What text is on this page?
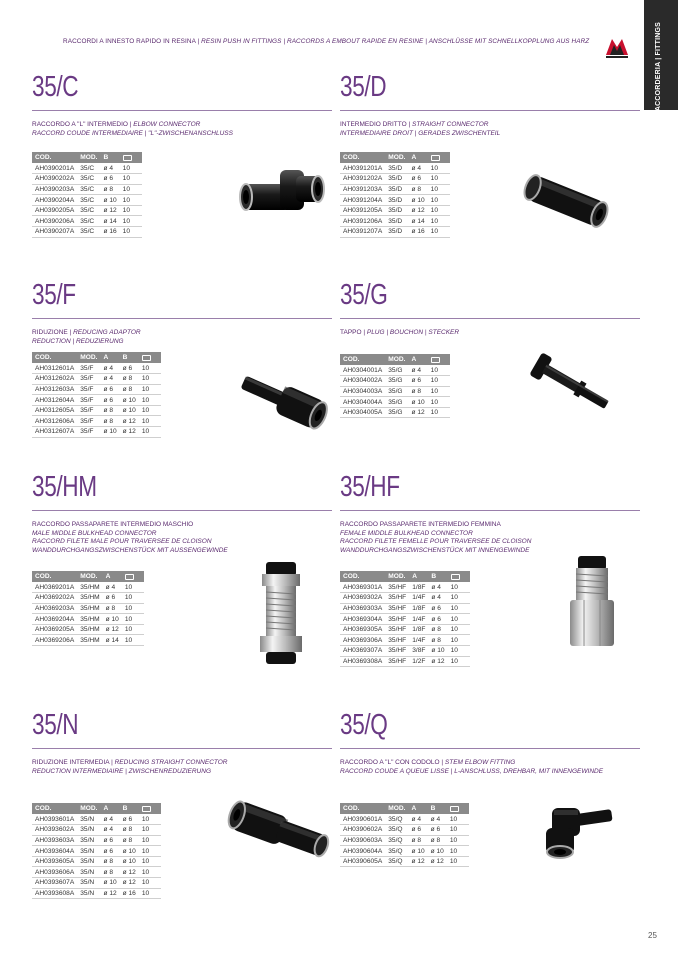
RACCORDI A INNESTO RAPIDO IN RESINA | RESIN PUSH IN FITTINGS | RACCORDS A EMBOUT RAPIDE EN RESINE | ANSCHLÜSSE MIT SCHNELLKOPPLUNG AUS HARZ	RACCORDERIA | FITTINGS
35/C
RACCORDO A "L" INTERMEDIO | ELBOW CONNECTOR
RACCORD COUDE INTERMEDIAIRE | "L"-ZWISCHENANSCHLUSS
COD.	MOD.	B	
AH0390201A	35/C	ø 4	10
AH0390202A	35/C	ø 6	10
AH0390203A	35/C	ø 8	10
AH0390204A	35/C	ø 10	10
AH0390205A	35/C	ø 12	10
AH0390206A	35/C	ø 14	10
AH0390207A	35/C	ø 16	10
35/D
INTERMEDIO DRITTO | STRAIGHT CONNECTOR
INTERMEDIAIRE DROIT | GERADES ZWISCHENTEIL
COD.	MOD.	A	
AH0391201A	35/D	ø 4	10
AH0391202A	35/D	ø 6	10
AH0391203A	35/D	ø 8	10
AH0391204A	35/D	ø 10	10
AH0391205A	35/D	ø 12	10
AH0391206A	35/D	ø 14	10
AH0391207A	35/D	ø 16	10
35/F
RIDUZIONE | REDUCING ADAPTOR
REDUCTION | REDUZIERUNG
COD.	MOD.	A	B	
AH0312601A	35/F	ø 4	ø 6	10
AH0312602A	35/F	ø 4	ø 8	10
AH0312603A	35/F	ø 6	ø 8	10
AH0312604A	35/F	ø 6	ø 10	10
AH0312605A	35/F	ø 8	ø 10	10
AH0312606A	35/F	ø 8	ø 12	10
AH0312607A	35/F	ø 10	ø 12	10
35/G
TAPPO | PLUG | BOUCHON | STECKER
COD.	MOD.	A	
AH0304001A	35/G	ø 4	10
AH0304002A	35/G	ø 6	10
AH0304003A	35/G	ø 8	10
AH0304004A	35/G	ø 10	10
AH0304005A	35/G	ø 12	10
35/HM
RACCORDO PASSAPARETE INTERMEDIO MASCHIO
MALE MIDDLE BULKHEAD CONNECTOR
RACCORD FILETE MALE POUR TRAVERSEE DE CLOISON
WANDDURCHGANGSZWISCHENSTÜCK MIT AUSSENGEWINDE
COD.	MOD.	A	
AH0369201A	35/HM	ø 4	10
AH0369202A	35/HM	ø 6	10
AH0369203A	35/HM	ø 8	10
AH0369204A	35/HM	ø 10	10
AH0369205A	35/HM	ø 12	10
AH0369206A	35/HM	ø 14	10
35/HF
RACCORDO PASSAPARETE INTERMEDIO FEMMINA
FEMALE MIDDLE BULKHEAD CONNECTOR
RACCORD FILETE FEMELLE POUR TRAVERSEE DE CLOISON
WANDDURCHGANGSZWISCHENSTÜCK MIT INNENGEWINDE
COD.	MOD.	A	B	
AH0369301A	35/HF	1/8F	ø 4	10
AH0369302A	35/HF	1/4F	ø 4	10
AH0369303A	35/HF	1/8F	ø 6	10
AH0369304A	35/HF	1/4F	ø 6	10
AH0369305A	35/HF	1/8F	ø 8	10
AH0369306A	35/HF	1/4F	ø 8	10
AH0369307A	35/HF	3/8F	ø 10	10
AH0369308A	35/HF	1/2F	ø 12	10
35/N
RIDUZIONE INTERMEDIA | REDUCING STRAIGHT CONNECTOR
REDUCTION INTERMEDIAIRE | ZWISCHENREDUZIERUNG
COD.	MOD.	A	B	
AH0393601A	35/N	ø 4	ø 6	10
AH0393602A	35/N	ø 4	ø 8	10
AH0393603A	35/N	ø 6	ø 8	10
AH0393604A	35/N	ø 6	ø 10	10
AH0393605A	35/N	ø 8	ø 10	10
AH0393606A	35/N	ø 8	ø 12	10
AH0393607A	35/N	ø 10	ø 12	10
AH0393608A	35/N	ø 12	ø 16	10
35/Q
RACCORDO A "L" CON CODOLO | STEM ELBOW FITTING
RACCORD COUDE A QUEUE LISSE | L-ANSCHLUSS, DREHBAR, MIT INNENGEWINDE
COD.	MOD.	A	B	
AH0390601A	35/Q	ø 4	ø 4	10
AH0390602A	35/Q	ø 6	ø 6	10
AH0390603A	35/Q	ø 8	ø 8	10
AH0390604A	35/Q	ø 10	ø 10	10
AH0390605A	35/Q	ø 12	ø 12	10
25
